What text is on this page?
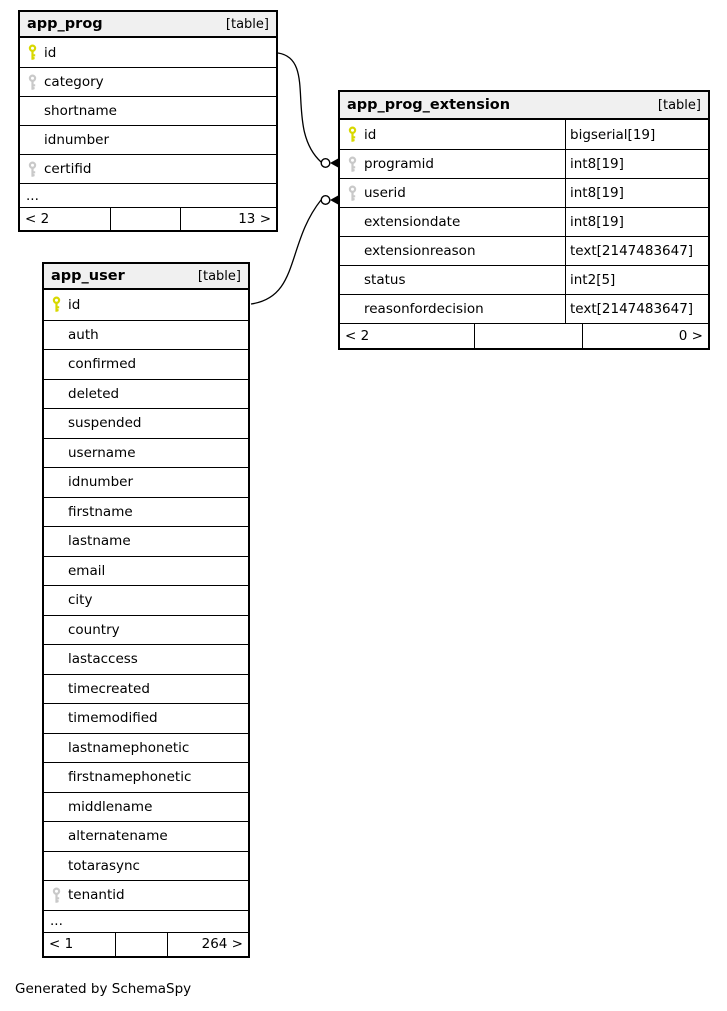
app_prog	[table]
id
category
shortname
idnumber
certifid
...
< 2	13 >
app_prog_extension	[table]
id	bigserial[19]
programid	int8[19]
userid	int8[19]
extensiondate	int8[19]
extensionreason	text[2147483647]
status	int2[5]
reasonfordecision	text[2147483647]
< 2	0 >
app_user	[table]
id
auth
confirmed
deleted
suspended
username
idnumber
firstname
lastname
email
city
country
lastaccess
timecreated
timemodified
lastnamephonetic
firstnamephonetic
middlename
alternatename
totarasync
tenantid
...
< 1	264 >
Generated by SchemaSpy
